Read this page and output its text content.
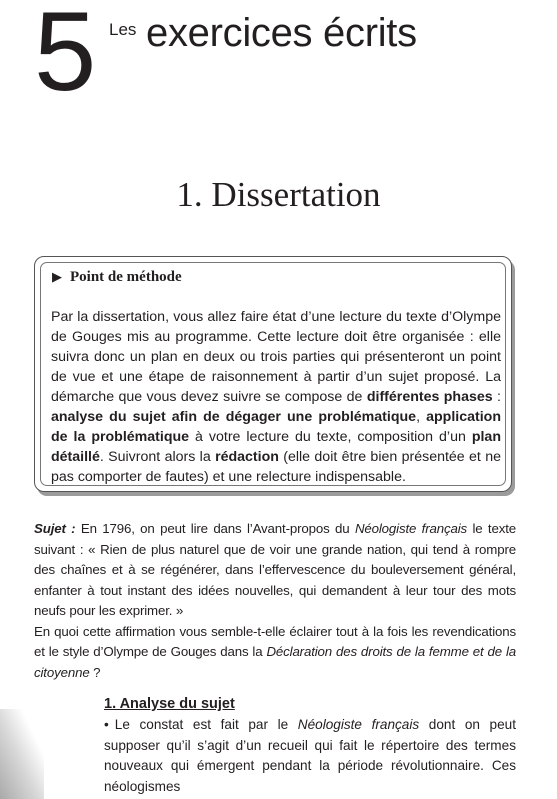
5 Les exercices écrits
1. Dissertation
▶ Point de méthode
Par la dissertation, vous allez faire état d’une lecture du texte d’Olympe de Gouges mis au programme. Cette lecture doit être organisée : elle suivra donc un plan en deux ou trois parties qui présenteront un point de vue et une étape de raisonnement à partir d’un sujet proposé. La démarche que vous devez suivre se compose de différentes phases : analyse du sujet afin de dégager une problématique, application de la problématique à votre lecture du texte, composition d’un plan détaillé. Suivront alors la rédaction (elle doit être bien présentée et ne pas comporter de fautes) et une relecture indispensable.
Sujet : En 1796, on peut lire dans l’Avant-propos du Néologiste français le texte suivant : « Rien de plus naturel que de voir une grande nation, qui tend à rompre des chaînes et à se régénérer, dans l’effervescence du bouleversement général, enfanter à tout instant des idées nouvelles, qui demandent à leur tour des mots neufs pour les exprimer. »
En quoi cette affirmation vous semble-t-elle éclairer tout à la fois les revendications et le style d’Olympe de Gouges dans la Déclaration des droits de la femme et de la citoyenne ?
1. Analyse du sujet
• Le constat est fait par le Néologiste français dont on peut supposer qu’il s’agit d’un recueil qui fait le répertoire des termes nouveaux qui émergent pendant la période révolutionnaire. Ces néologismes
